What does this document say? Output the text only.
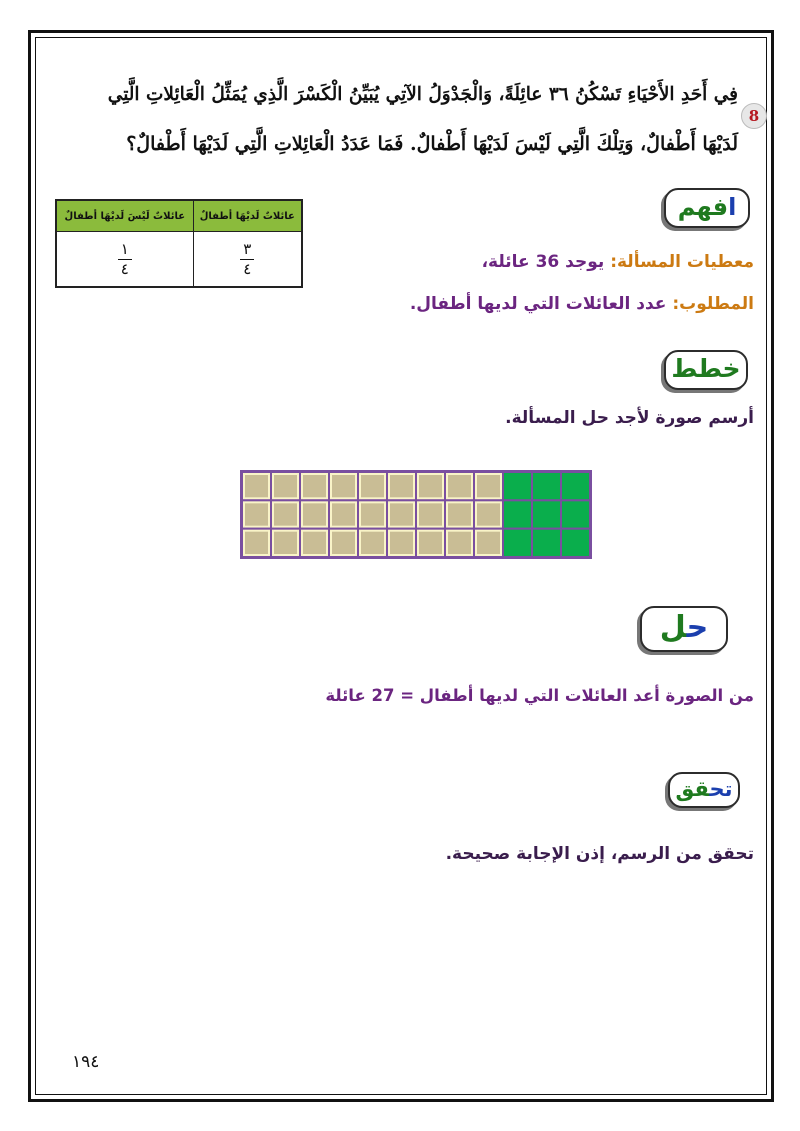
8
فِي أَحَدِ الأَحْيَاءِ تَسْكُنُ ٣٦ عائِلَةً، وَالْجَدْوَلُ الآتِي يُبَيِّنُ الْكَسْرَ الَّذِي يُمَثِّلُ الْعَائِلاتِ الَّتِي
لَدَيْهَا أَطْفالٌ، وَتِلْكَ الَّتِي لَيْسَ لَدَيْهَا أَطْفالٌ. فَمَا عَدَدُ الْعَائِلاتِ الَّتِي لَدَيْهَا أَطْفالٌ؟
عائلاتٌ لَديْهَا أطفالٌ	عائلاتٌ لَيْسَ لَديْهَا أطفالٌ

$\frac{٣}{٤}$	$\frac{١}{٤}$
افهم
معطيات المسألة: يوجد 36 عائلة،
المطلوب: عدد العائلات التي لديها أطفال.
خطط
أرسم صورة لأجد حل المسألة.
حل
من الصورة أعد العائلات التي لديها أطفال = 27 عائلة
تحقق
تحقق من الرسم، إذن الإجابة صحيحة.
١٩٤
